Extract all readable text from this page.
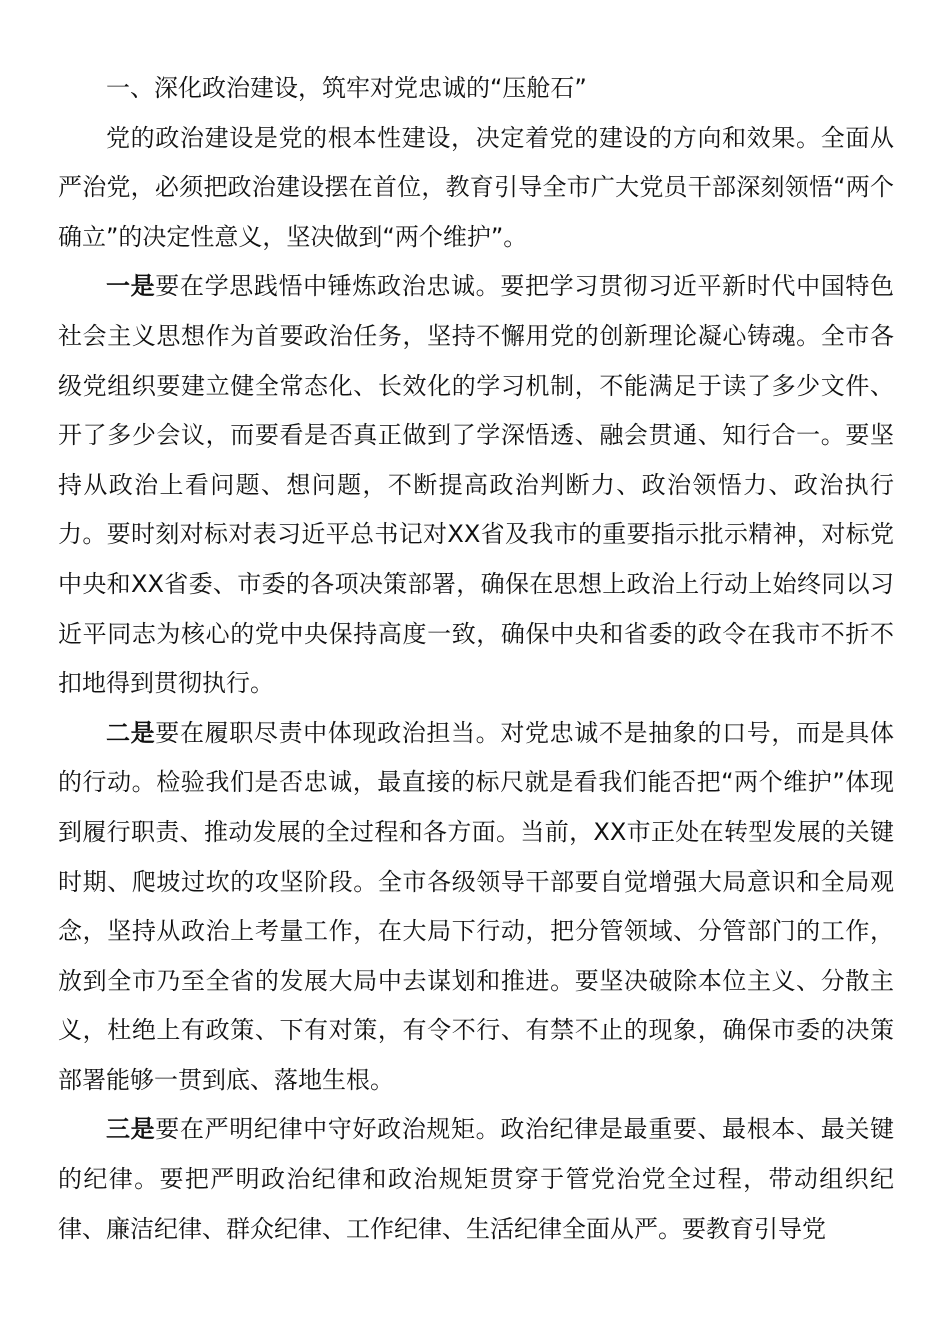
一、深化政治建设，筑牢对党忠诚的“压舱石”

党的政治建设是党的根本性建设，决定着党的建设的方向和效果。全面从严治党，必须把政治建设摆在首位，教育引导全市广大党员干部深刻领悟“两个确立”的决定性意义，坚决做到“两个维护”。

一是要在学思践悟中锤炼政治忠诚。要把学习贯彻习近平新时代中国特色社会主义思想作为首要政治任务，坚持不懈用党的创新理论凝心铸魂。全市各级党组织要建立健全常态化、长效化的学习机制，不能满足于读了多少文件、开了多少会议，而要看是否真正做到了学深悟透、融会贯通、知行合一。要坚持从政治上看问题、想问题，不断提高政治判断力、政治领悟力、政治执行力。要时刻对标对表习近平总书记对XX省及我市的重要指示批示精神，对标党中央和XX省委、市委的各项决策部署，确保在思想上政治上行动上始终同以习近平同志为核心的党中央保持高度一致，确保中央和省委的政令在我市不折不扣地得到贯彻执行。

二是要在履职尽责中体现政治担当。对党忠诚不是抽象的口号，而是具体的行动。检验我们是否忠诚，最直接的标尺就是看我们能否把“两个维护”体现到履行职责、推动发展的全过程和各方面。当前，XX市正处在转型发展的关键时期、爬坡过坎的攻坚阶段。全市各级领导干部要自觉增强大局意识和全局观念，坚持从政治上考量工作，在大局下行动，把分管领域、分管部门的工作，放到全市乃至全省的发展大局中去谋划和推进。要坚决破除本位主义、分散主义，杜绝上有政策、下有对策，有令不行、有禁不止的现象，确保市委的决策部署能够一贯到底、落地生根。

三是要在严明纪律中守好政治规矩。政治纪律是最重要、最根本、最关键的纪律。要把严明政治纪律和政治规矩贯穿于管党治党全过程，带动组织纪律、廉洁纪律、群众纪律、工作纪律、生活纪律全面从严。要教育引导党
